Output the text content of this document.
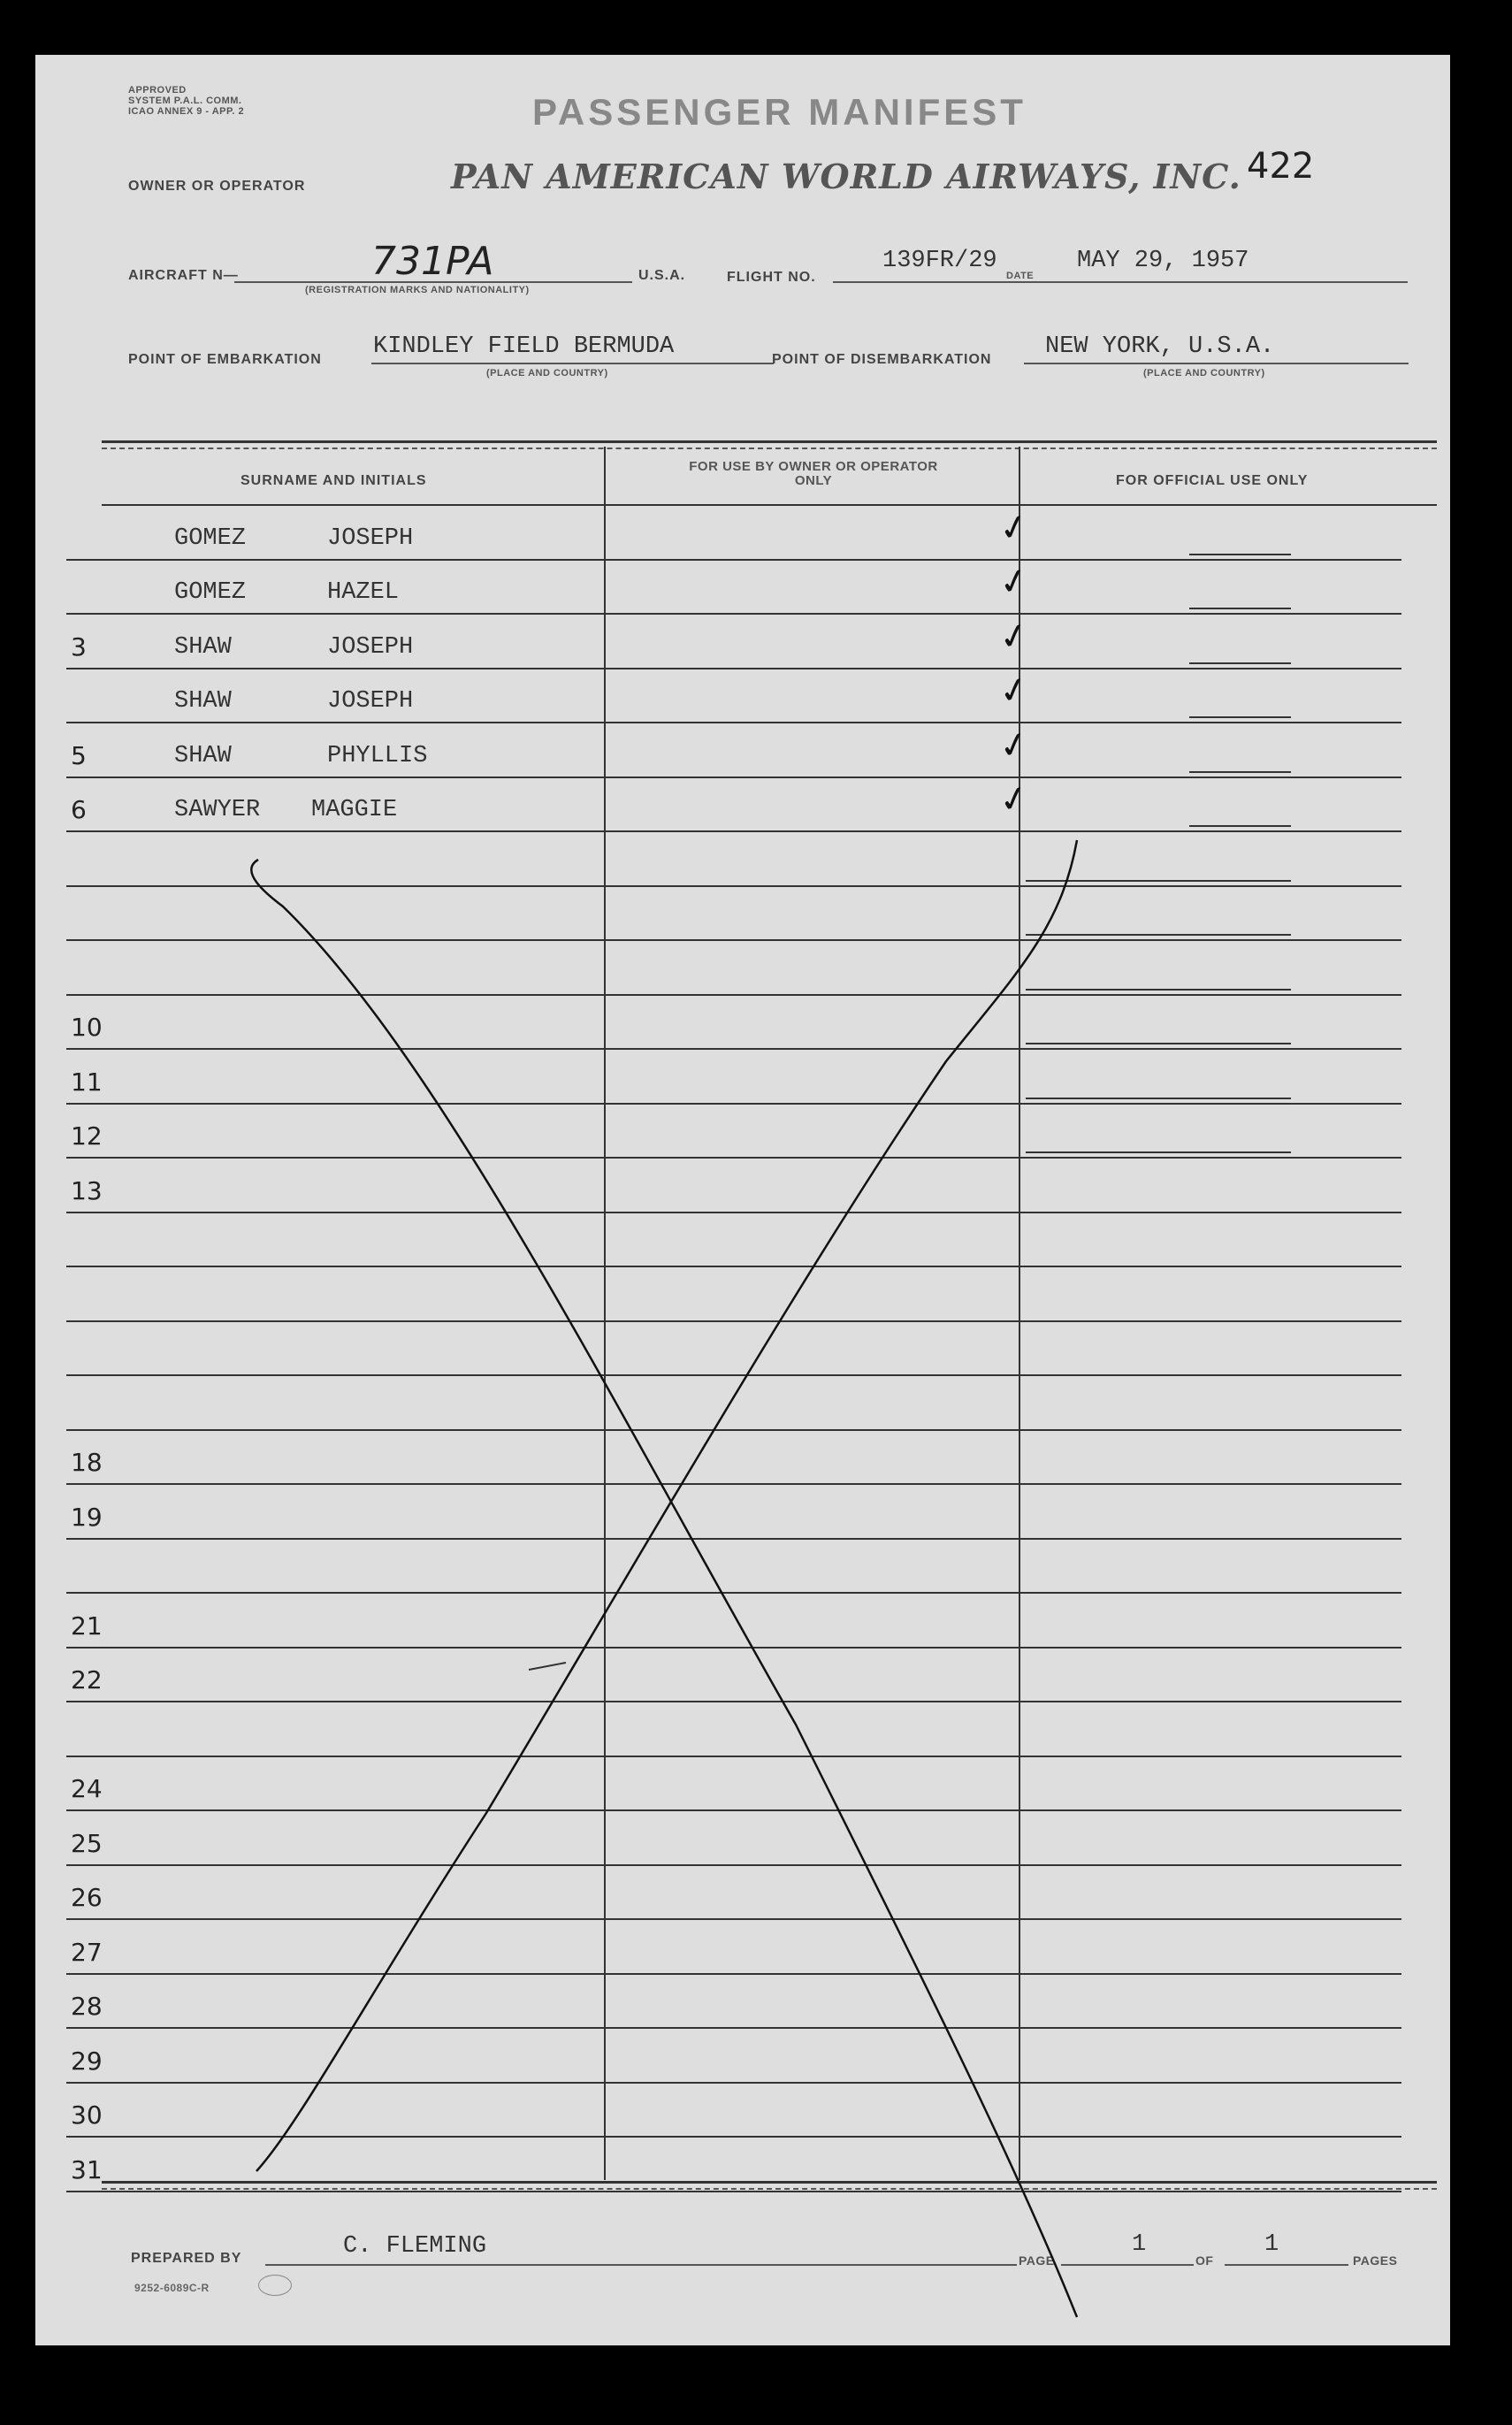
APPROVED
SYSTEM P.A.L. COMM.
ICAO ANNEX 9 - APP. 2	PASSENGER MANIFEST
422
OWNER OR OPERATOR	PAN AMERICAN WORLD AIRWAYS, INC.
AIRCRAFT N—	731PA
(REGISTRATION MARKS AND NATIONALITY)
U.S.A.	FLIGHT NO.
139FR/29
DATE
MAY 29, 1957
POINT OF EMBARKATION KINDLEY FIELD BERMUDA
(PLACE AND COUNTRY)
POINT OF DISEMBARKATION NEW YORK, U.S.A.
(PLACE AND COUNTRY)
SURNAME AND INITIALS
FOR USE BY OWNER OR OPERATOR ONLY	FOR OFFICIAL USE ONLY
GOMEZ	JOSEPH	✓
GOMEZ	HAZEL	✓
3	SHAW	JOSEPH	✓
SHAW	JOSEPH	✓
5	SHAW	PHYLLIS	✓
6	SAWYER MAGGIE	✓
10
11
12
13
18
19
21
22
24
25
26
27
28
29
30
31
PREPARED BY	C. FLEMING
PAGE
1
OF
1
PAGES
9252-6089C-R
